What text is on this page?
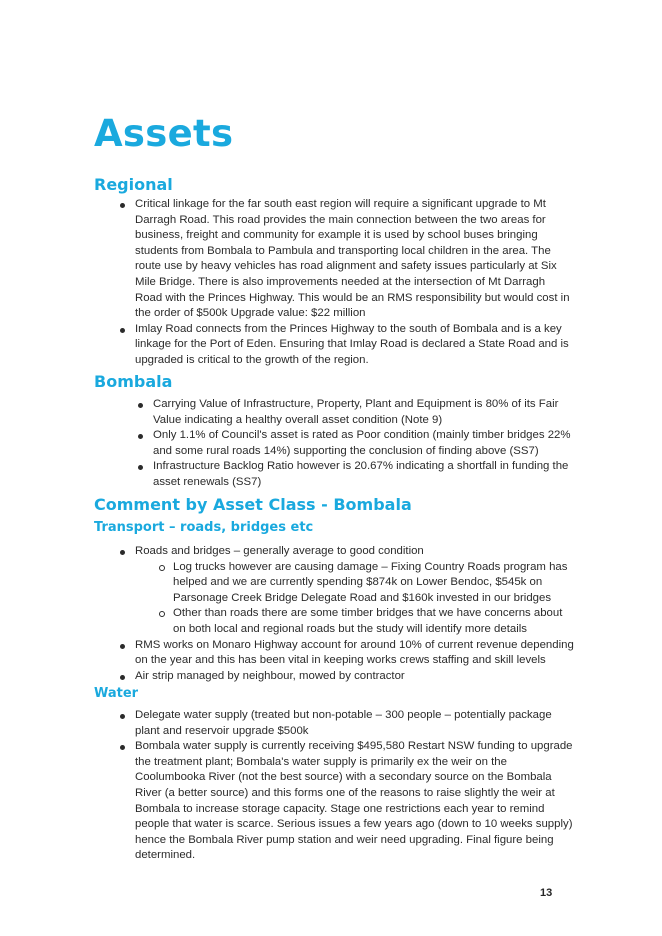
Assets
Regional
Critical linkage for the far south east region will require a significant upgrade to Mt Darragh Road. This road provides the main connection between the two areas for business, freight and community for example it is used by school buses bringing students from Bombala to Pambula and transporting local children in the area. The route use by heavy vehicles has road alignment and safety issues particularly at Six Mile Bridge. There is also improvements needed at the intersection of Mt Darragh Road with the Princes Highway. This would be an RMS responsibility but would cost in the order of $500k Upgrade value: $22 million
Imlay Road connects from the Princes Highway to the south of Bombala and is a key linkage for the Port of Eden. Ensuring that Imlay Road is declared a State Road and is upgraded is critical to the growth of the region.
Bombala
Carrying Value of Infrastructure, Property, Plant and Equipment is 80% of its Fair Value indicating a healthy overall asset condition (Note 9)
Only 1.1% of Council's asset is rated as Poor condition (mainly timber bridges 22% and some rural roads 14%) supporting the conclusion of finding above (SS7)
Infrastructure Backlog Ratio however is 20.67% indicating a shortfall in funding the asset renewals (SS7)
Comment by Asset Class - Bombala
Transport – roads, bridges etc
Roads and bridges – generally average to good condition
Log trucks however are causing damage – Fixing Country Roads program has helped and we are currently spending $874k on Lower Bendoc, $545k on Parsonage Creek Bridge Delegate Road and $160k invested in our bridges
Other than roads there are some timber bridges that we have concerns about on both local and regional roads but the study will identify more details
RMS works on Monaro Highway account for around 10% of current revenue depending on the year and this has been vital in keeping works crews staffing and skill levels
Air strip managed by neighbour, mowed by contractor
Water
Delegate water supply (treated but non-potable – 300 people – potentially package plant and reservoir upgrade $500k
Bombala water supply is currently receiving $495,580 Restart NSW funding to upgrade the treatment plant; Bombala's water supply is primarily ex the weir on the Coolumbooka River (not the best source) with a secondary source on the Bombala River (a better source) and this forms one of the reasons to raise slightly the weir at Bombala to increase storage capacity. Stage one restrictions each year to remind people that water is scarce. Serious issues a few years ago (down to 10 weeks supply) hence the Bombala River pump station and weir need upgrading. Final figure being determined.
13
